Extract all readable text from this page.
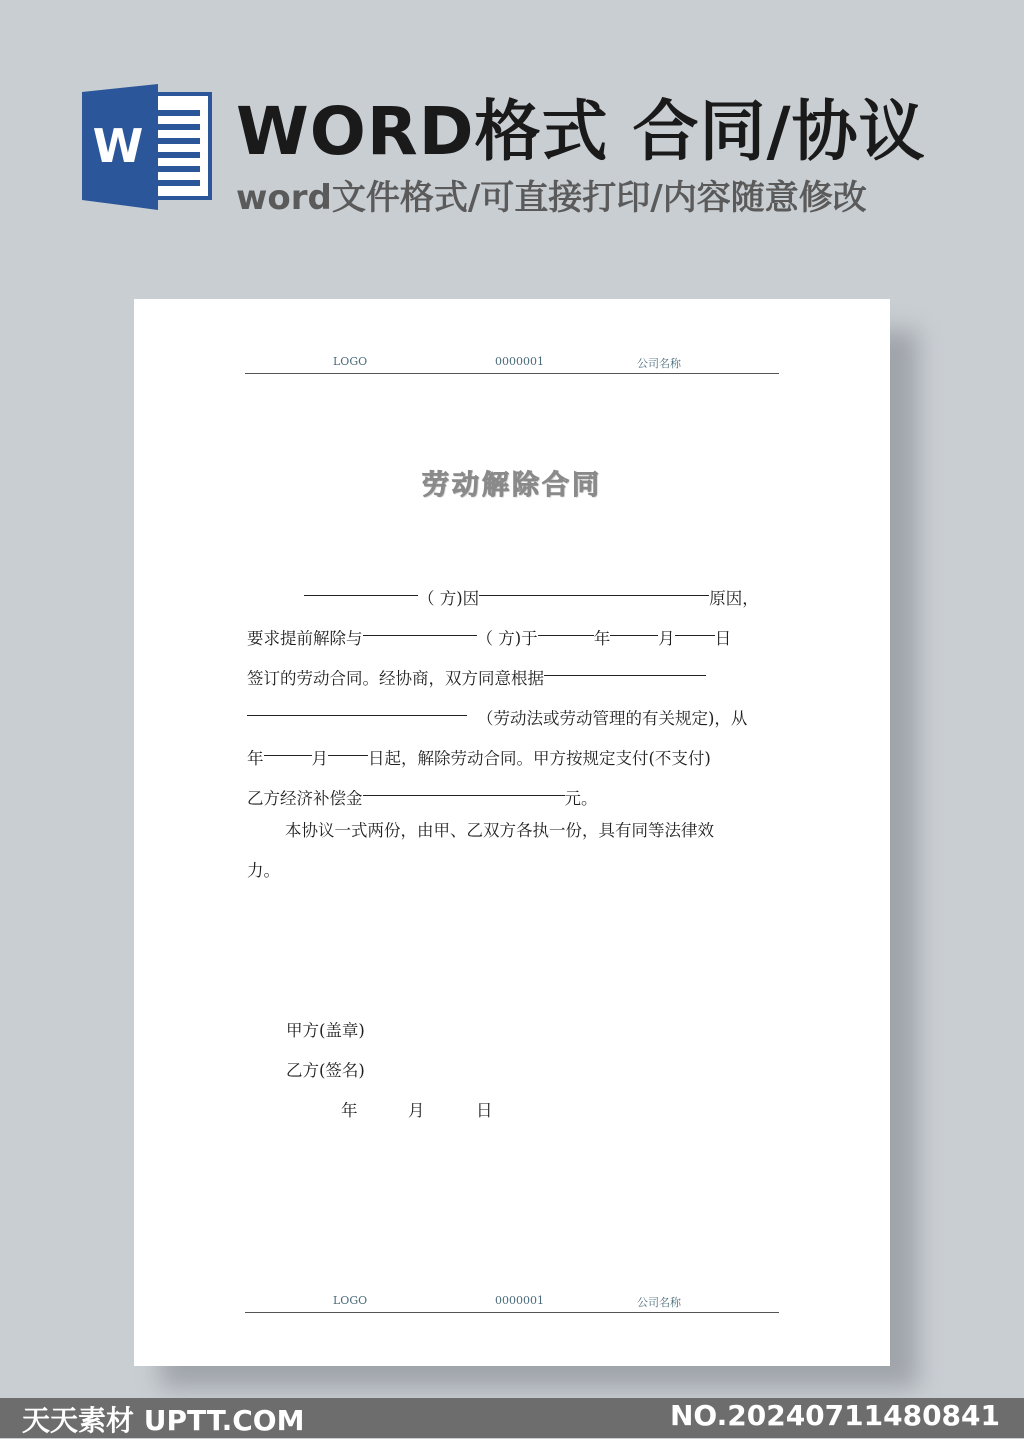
W WORD格式 合同/协议
word文件格式/可直接打印/内容随意修改
LOGO	0000001	公司名称
劳动解除合同
（ 方)因	原因，
要求提前解除与	（ 方)于	年	月 日
签订的劳动合同。经协商，双方同意根据
（劳动法或劳动管理的有关规定)，从
年	月 日起，解除劳动合同。甲方按规定支付(不支付)
乙方经济补偿金	元。
本协议一式两份，由甲、乙双方各执一份，具有同等法律效
力。
甲方(盖章)
乙方(签名)
年	月	日
LOGO	0000001	公司名称
天天素材 UPTT.COM	NO.20240711480841
